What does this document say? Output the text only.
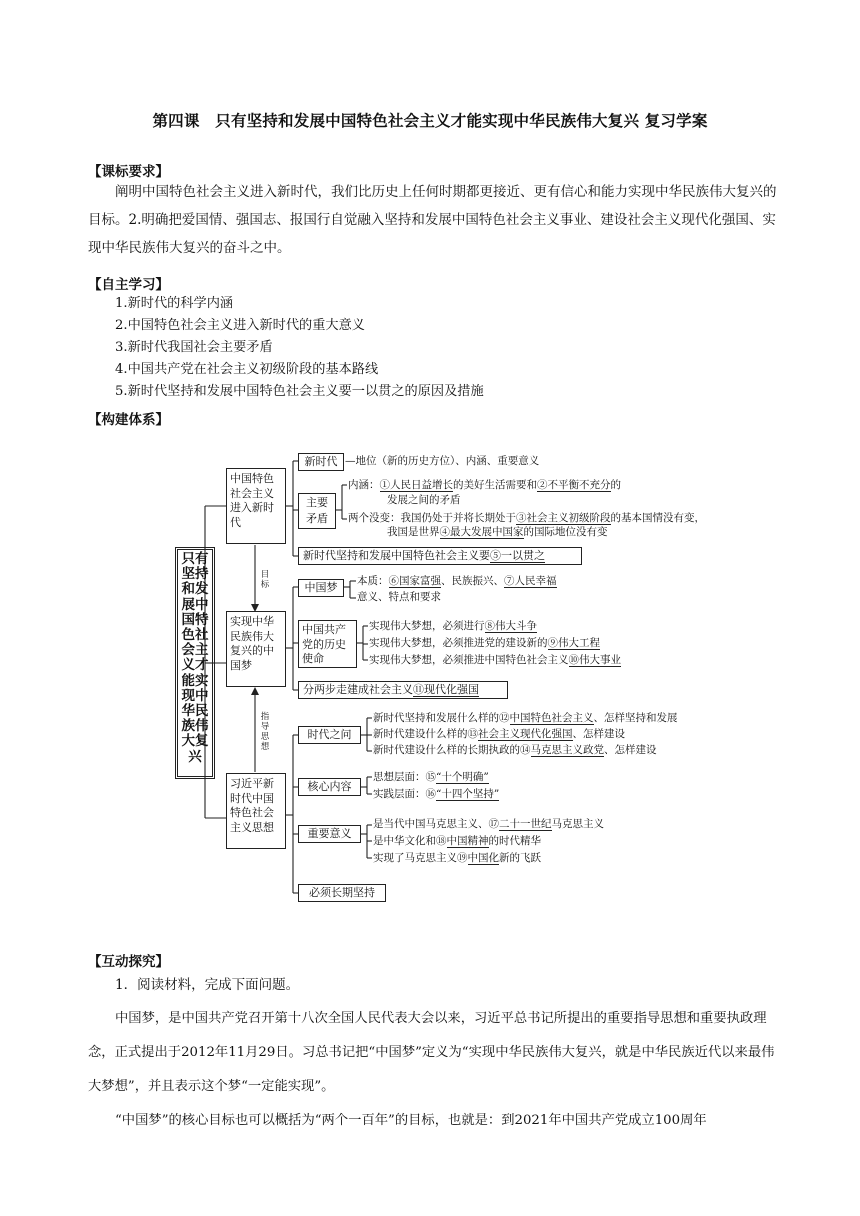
第四课　只有坚持和发展中国特色社会主义才能实现中华民族伟大复兴 复习学案
【课标要求】
阐明中国特色社会主义进入新时代，我们比历史上任何时期都更接近、更有信心和能力实现中华民族伟大复兴的目标。2.明确把爱国情、强国志、报国行自觉融入坚持和发展中国特色社会主义事业、建设社会主义现代化强国、实现中华民族伟大复兴的奋斗之中。
【自主学习】
1.新时代的科学内涵
2.中国特色社会主义进入新时代的重大意义
3.新时代我国社会主要矛盾
4.中国共产党在社会主义初级阶段的基本路线
5.新时代坚持和发展中国特色社会主义要一以贯之的原因及措施
【构建体系】
只有坚持和发展中国特色社会主义才能实现中华民族伟大复兴
中国特色社会主义进入新时代
实现中华民族伟大复兴的中国梦
习近平新时代中国特色社会主义思想
目标
指导思想
新时代 —地位（新的历史方位）、内涵、重要意义
主要矛盾
内涵：①人民日益增长的美好生活需要和②不平衡不充分的
发展之间的矛盾
两个没变：我国仍处于并将长期处于③社会主义初级阶段的基本国情没有变，
我国是世界④最大发展中国家的国际地位没有变
新时代坚持和发展中国特色社会主义要⑤一以贯之
中国梦	本质：⑥国家富强、民族振兴、⑦人民幸福
意义、特点和要求
中国共产党的历史使命
实现伟大梦想，必须进行⑧伟大斗争
实现伟大梦想，必须推进党的建设新的⑨伟大工程
实现伟大梦想，必须推进中国特色社会主义⑩伟大事业
分两步走建成社会主义⑪现代化强国
时代之问
新时代坚持和发展什么样的⑫中国特色社会主义、怎样坚持和发展
新时代建设什么样的⑬社会主义现代化强国、怎样建设
新时代建设什么样的长期执政的⑭马克思主义政党、怎样建设
核心内容
思想层面：⑮“十个明确”
实践层面：⑯“十四个坚持”
重要意义
是当代中国马克思主义、⑰二十一世纪马克思主义
是中华文化和⑱中国精神的时代精华
实现了马克思主义⑲中国化新的飞跃
必须长期坚持
【互动探究】
1．阅读材料，完成下面问题。
中国梦，是中国共产党召开第十八次全国人民代表大会以来，习近平总书记所提出的重要指导思想和重要执政理念，正式提出于2012年11月29日。习总书记把“中国梦”定义为“实现中华民族伟大复兴，就是中华民族近代以来最伟大梦想”，并且表示这个梦“一定能实现”。
“中国梦”的核心目标也可以概括为“两个一百年”的目标，也就是：到2021年中国共产党成立100周年
